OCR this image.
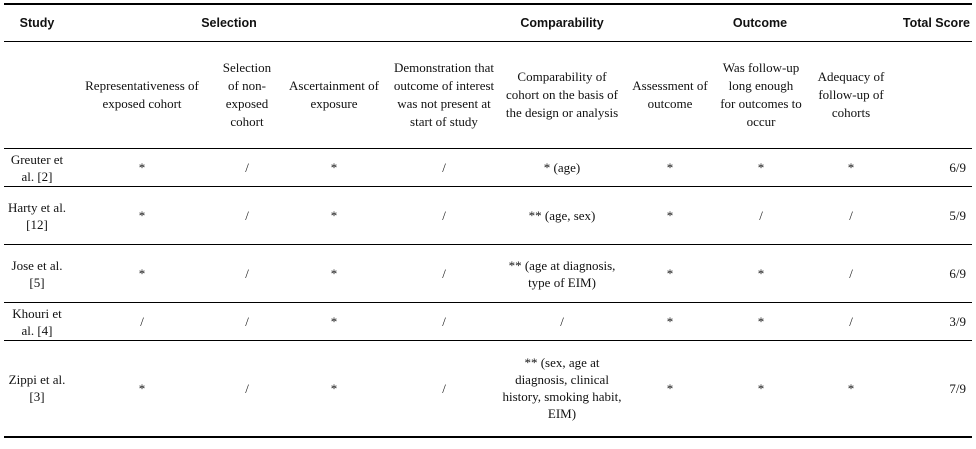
Study	Selection				Comparability	Outcome			Total Score
	Representativeness of exposed cohort	Selection of non-exposed cohort	Ascertainment of exposure	Demonstration that outcome of interest was not present at start of study	Comparability of cohort on the basis of the design or analysis	Assessment of outcome	Was follow-up long enough for outcomes to occur	Adequacy of follow-up of cohorts	
Greuter et al. [2]	*	/	*	/	* (age)	*	*	*	6/9
Harty et al. [12]	*	/	*	/	** (age, sex)	*	/	/	5/9
Jose et al. [5]	*	/	*	/	** (age at diagnosis, type of EIM)	*	*	/	6/9
Khouri et al. [4]	/	/	*	/	/	*	*	/	3/9
Zippi et al. [3]	*	/	*	/	** (sex, age at diagnosis, clinical history, smoking habit, EIM)	*	*	*	7/9
